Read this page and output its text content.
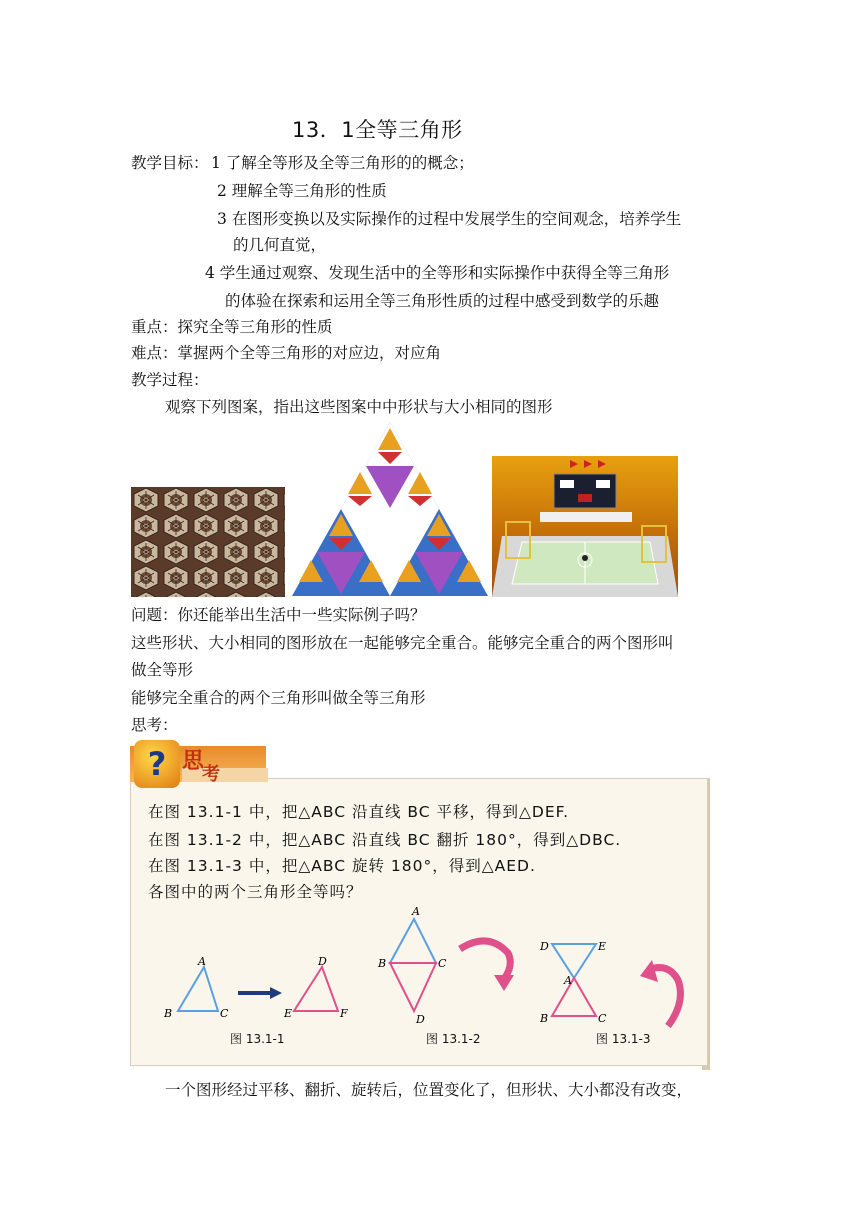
13．1全等三角形
教学目标： 1 了解全等形及全等三角形的的概念；
2 理解全等三角形的性质
3 在图形变换以及实际操作的过程中发展学生的空间观念，培养学生
的几何直觉，
4 学生通过观察、发现生活中的全等形和实际操作中获得全等三角形
的体验在探索和运用全等三角形性质的过程中感受到数学的乐趣
重点：探究全等三角形的性质
难点：掌握两个全等三角形的对应边，对应角
教学过程：
观察下列图案，指出这些图案中中形状与大小相同的图形
问题：你还能举出生活中一些实际例子吗？
这些形状、大小相同的图形放在一起能够完全重合。能够完全重合的两个图形叫
做全等形
能够完全重合的两个三角形叫做全等三角形
思考：
? 思
考
在图 13.1-1 中，把△ABC 沿直线 BC 平移，得到△DEF.
在图 13.1-2 中，把△ABC 沿直线 BC 翻折 180°，得到△DBC.
在图 13.1-3 中，把△ABC 旋转 180°，得到△AED.
各图中的两个三角形全等吗？
A
B	C
D
E	F
图 13.1-1
A
B	C
D
图 13.1-2
D	E
A
B	C
图 13.1-3
一个图形经过平移、翻折、旋转后，位置变化了，但形状、大小都没有改变，
